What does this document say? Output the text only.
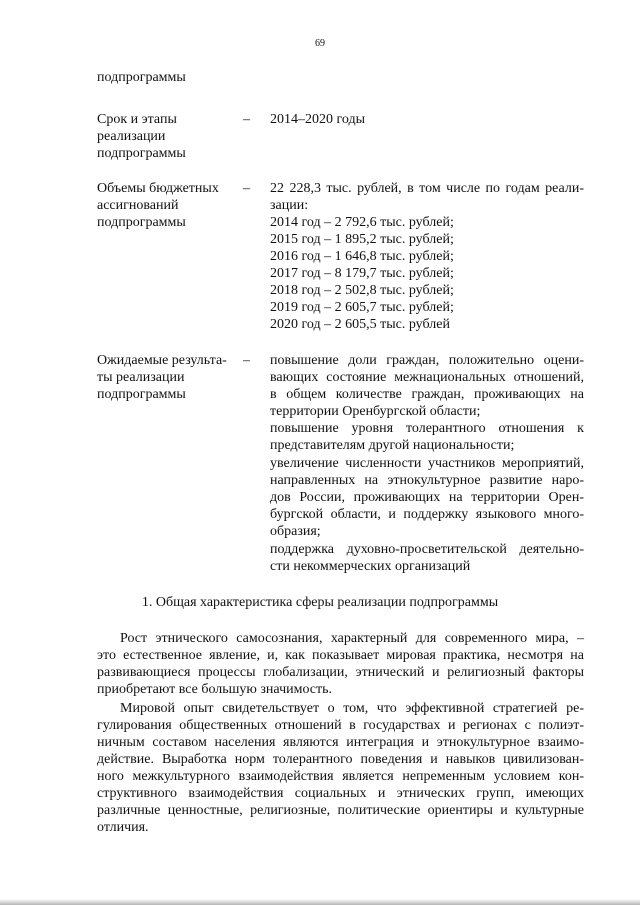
69
подпрограммы
Срок и этапы
реализации
подпрограммы
– 2014–2020 годы
Объемы бюджетных
ассигнований
подпрограммы
– 22 228,3 тыс. рублей, в том числе по годам реали-
зации:
2014 год – 2 792,6 тыс. рублей;
2015 год – 1 895,2 тыс. рублей;
2016 год – 1 646,8 тыс. рублей;
2017 год – 8 179,7 тыс. рублей;
2018 год – 2 502,8 тыс. рублей;
2019 год – 2 605,7 тыс. рублей;
2020 год – 2 605,5 тыс. рублей
Ожидаемые результа-
ты реализации
подпрограммы
– повышение доли граждан, положительно оцени-
вающих состояние межнациональных отношений,
в общем количестве граждан, проживающих на
территории Оренбургской области;
повышение уровня толерантного отношения к
представителям другой национальности;
увеличение численности участников мероприятий,
направленных на этнокультурное развитие наро-
дов России, проживающих на территории Орен-
бургской области, и поддержку языкового много-
образия;
поддержка духовно-просветительской деятельно-
сти некоммерческих организаций
1. Общая характеристика сферы реализации подпрограммы
Рост этнического самосознания, характерный для современного мира, –
это естественное явление, и, как показывает мировая практика, несмотря на
развивающиеся процессы глобализации, этнический и религиозный факторы
приобретают все большую значимость.
Мировой опыт свидетельствует о том, что эффективной стратегией ре-
гулирования общественных отношений в государствах и регионах с полиэт-
ничным составом населения являются интеграция и этнокультурное взаимо-
действие. Выработка норм толерантного поведения и навыков цивилизован-
ного межкультурного взаимодействия является непременным условием кон-
структивного взаимодействия социальных и этнических групп, имеющих
различные ценностные, религиозные, политические ориентиры и культурные
отличия.
